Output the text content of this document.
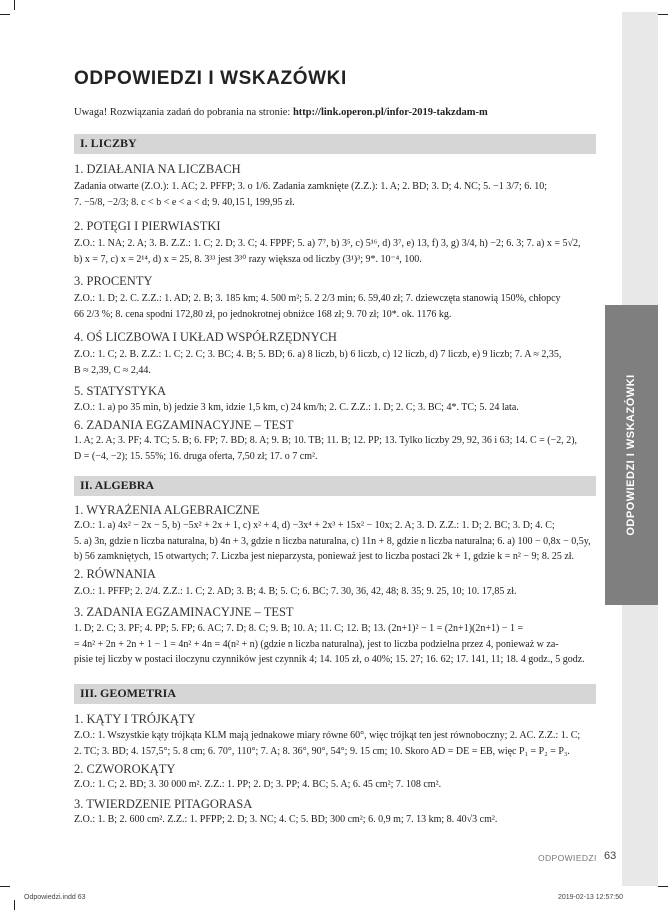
ODPOWIEDZI I WSKAZÓWKI
ODPOWIEDZI I WSKAZÓWKI
Uwaga! Rozwiązania zadań do pobrania na stronie: http://link.operon.pl/infor-2019-takzdam-m
I. LICZBY
1. DZIAŁANIA NA LICZBACH
Zadania otwarte (Z.O.): 1. AC; 2. PFFP; 3. o 1/6. Zadania zamknięte (Z.Z.): 1. A; 2. BD; 3. D; 4. NC; 5. −1 3/7; 6. 10;
7. −5/8, −2/3; 8. c < b < e < a < d; 9. 40,15 l, 199,95 zł.
2. POTĘGI I PIERWIASTKI
Z.O.: 1. NA; 2. A; 3. B. Z.Z.: 1. C; 2. D; 3. C; 4. FPPF; 5. a) 7⁷, b) 3⁵, c) 5¹⁶, d) 3⁷, e) 13, f) 3, g) 3/4, h) −2; 6. 3; 7. a) x = 5√2,
b) x = 7, c) x = 2¹⁴, d) x = 25, 8. 3³³ jest 3³⁰ razy większa od liczby (3¹)³; 9*. 10⁻⁴, 100.
3. PROCENTY
Z.O.: 1. D; 2. C. Z.Z.: 1. AD; 2. B; 3. 185 km; 4. 500 m²; 5. 2 2/3 min; 6. 59,40 zł; 7. dziewczęta stanowią 150%, chłopcy
66 2/3 %; 8. cena spodni 172,80 zł, po jednokrotnej obniżce 168 zł; 9. 70 zł; 10*. ok. 1176 kg.
4. OŚ LICZBOWA I UKŁAD WSPÓŁRZĘDNYCH
Z.O.: 1. C; 2. B. Z.Z.: 1. C; 2. C; 3. BC; 4. B; 5. BD; 6. a) 8 liczb, b) 6 liczb, c) 12 liczb, d) 7 liczb, e) 9 liczb; 7. A ≈ 2,35,
B ≈ 2,39, C ≈ 2,44.
5. STATYSTYKA
Z.O.: 1. a) po 35 min, b) jedzie 3 km, idzie 1,5 km, c) 24 km/h; 2. C. Z.Z.: 1. D; 2. C; 3. BC; 4*. TC; 5. 24 lata.
6. ZADANIA EGZAMINACYJNE – TEST
1. A; 2. A; 3. PF; 4. TC; 5. B; 6. FP; 7. BD; 8. A; 9. B; 10. TB; 11. B; 12. PP; 13. Tylko liczby 29, 92, 36 i 63; 14. C = (−2, 2),
D = (−4, −2); 15. 55%; 16. druga oferta, 7,50 zł; 17. o 7 cm².
II. ALGEBRA
1. WYRAŻENIA ALGEBRAICZNE
Z.O.: 1. a) 4x² − 2x − 5, b) −5x² + 2x + 1, c) x² + 4, d) −3x⁴ + 2x³ + 15x² − 10x; 2. A; 3. D. Z.Z.: 1. D; 2. BC; 3. D; 4. C;
5. a) 3n, gdzie n liczba naturalna, b) 4n + 3, gdzie n liczba naturalna, c) 11n + 8, gdzie n liczba naturalna; 6. a) 100 − 0,8x − 0,5y,
b) 56 zamkniętych, 15 otwartych; 7. Liczba jest nieparzysta, ponieważ jest to liczba postaci 2k + 1, gdzie k = n² − 9; 8. 25 zł.
2. RÓWNANIA
Z.O.: 1. PFFP; 2. 2/4. Z.Z.: 1. C; 2. AD; 3. B; 4. B; 5. C; 6. BC; 7. 30, 36, 42, 48; 8. 35; 9. 25, 10; 10. 17,85 zł.
3. ZADANIA EGZAMINACYJNE – TEST
1. D; 2. C; 3. PF; 4. PP; 5. FP; 6. AC; 7. D; 8. C; 9. B; 10. A; 11. C; 12. B; 13. (2n+1)² − 1 = (2n+1)(2n+1) − 1 =
= 4n² + 2n + 2n + 1 − 1 = 4n² + 4n = 4(n² + n) (gdzie n liczba naturalna), jest to liczba podzielna przez 4, ponieważ w za-
pisie tej liczby w postaci iloczynu czynników jest czynnik 4; 14. 105 zł, o 40%; 15. 27; 16. 62; 17. 141, 11; 18. 4 godz., 5 godz.
III. GEOMETRIA
1. KĄTY I TRÓJKĄTY
Z.O.: 1. Wszystkie kąty trójkąta KLM mają jednakowe miary równe 60°, więc trójkąt ten jest równoboczny; 2. AC. Z.Z.: 1. C;
2. TC; 3. BD; 4. 157,5°; 5. 8 cm; 6. 70°, 110°; 7. A; 8. 36°, 90°, 54°; 9. 15 cm; 10. Skoro AD = DE = EB, więc P₁ = P₂ = P₃.
2. CZWOROKĄTY
Z.O.: 1. C; 2. BD; 3. 30 000 m². Z.Z.: 1. PP; 2. D; 3. PP; 4. BC; 5. A; 6. 45 cm²; 7. 108 cm².
3. TWIERDZENIE PITAGORASA
Z.O.: 1. B; 2. 600 cm². Z.Z.: 1. PFPP; 2. D; 3. NC; 4. C; 5. BD; 300 cm²; 6. 0,9 m; 7. 13 km; 8. 40√3 cm².
ODPOWIEDZI 63
Odpowiedzi.indd 63	2019-02-13 12:57:50
